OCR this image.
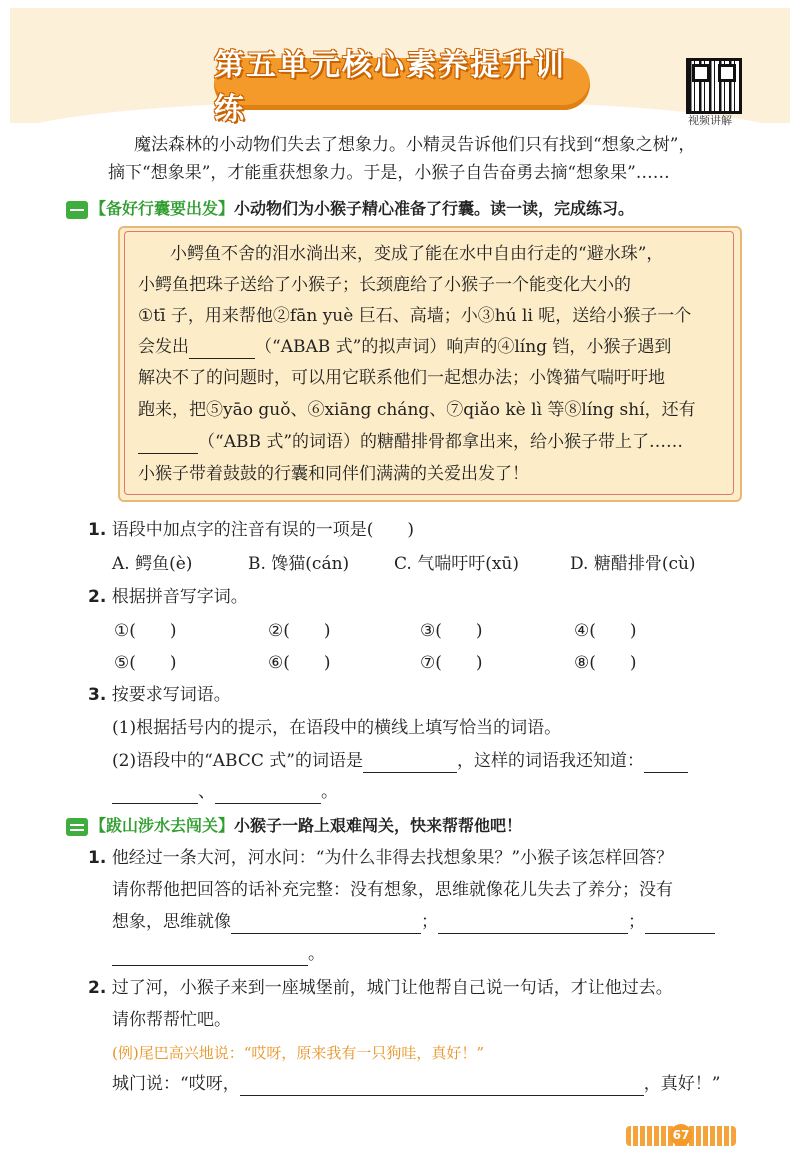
第五单元核心素养提升训练	视频讲解
魔法森林的小动物们失去了想象力。小精灵告诉他们只有找到“想象之树”，
摘下“想象果”，才能重获想象力。于是，小猴子自告奋勇去摘“想象果”……
【备好行囊要出发】小动物们为小猴子精心准备了行囊。读一读，完成练习。
小鳄鱼不舍的泪水淌出来，变成了能在水中自由行走的“避水珠”，
小鳄鱼把珠子送给了小猴子；长颈鹿给了小猴子一个能变化大小的
①tī 子，用来帮他②fān yuè 巨石、高墙；小③hú li 呢，送给小猴子一个
会发出	（“ABAB 式”的拟声词）响声的④líng 铛，小猴子遇到
解决不了的问题时，可以用它联系他们一起想办法；小馋猫气喘吁吁地
跑来，把⑤yāo guǒ、⑥xiāng cháng、⑦qiǎo kè lì 等⑧líng shí，还有
（“ABB 式”的词语）的糖醋排骨都拿出来，给小猴子带上了……
小猴子带着鼓鼓的行囊和同伴们满满的关爱出发了！
1. 语段中加点字的注音有误的一项是(　　)
A. 鳄鱼(è)	B. 馋猫(cán)	C. 气喘吁吁(xū)	D. 糖醋排骨(cù)
2. 根据拼音写字词。
①(　　)	②(　　)	③(　　)	④(　　)
⑤(　　)	⑥(　　)	⑦(　　)	⑧(　　)
3. 按要求写词语。
(1)根据括号内的提示，在语段中的横线上填写恰当的词语。
(2)语段中的“ABCC 式”的词语是	，这样的词语我还知道：
、	。
【跋山涉水去闯关】小猴子一路上艰难闯关，快来帮帮他吧！
1. 他经过一条大河，河水问：“为什么非得去找想象果？”小猴子该怎样回答？
请你帮他把回答的话补充完整：没有想象，思维就像花儿失去了养分；没有
想象，思维就像	；	；
。
2. 过了河，小猴子来到一座城堡前，城门让他帮自己说一句话，才让他过去。
请你帮帮忙吧。
(例)尾巴高兴地说：“哎呀，原来我有一只狗哇，真好！”
城门说：“哎呀，	，真好！”
67
